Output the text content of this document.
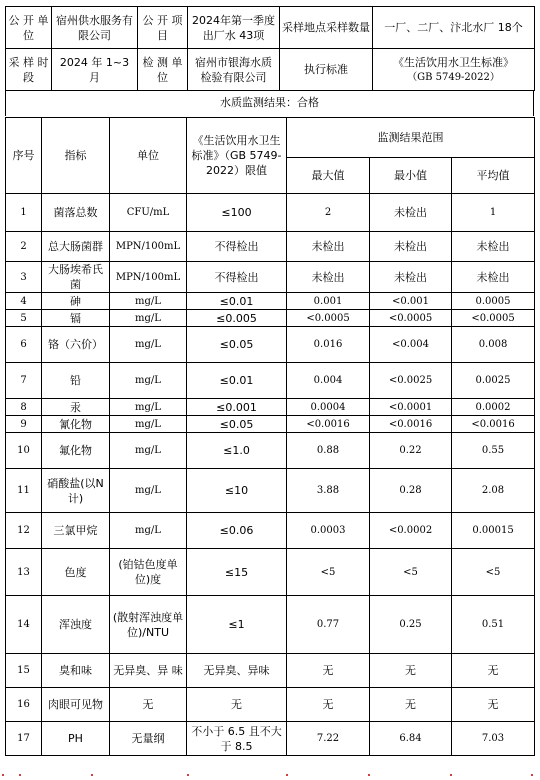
公 开 单 位	宿州供水服务有限公司	公 开 项 目	2024年第一季度出厂水 43项	采样地点采样数量	一厂、二厂、汴北水厂 18个
采 样 时 段	2024 年 1~3 月	检 测 单 位	宿州市银海水质检验有限公司	执行标准	《生活饮用水卫生标准》
（GB 5749-2022）
水质监测结果：合格
序号	指标	单位	《生活饮用水卫生标准》（GB 5749-2022）限值	监测结果范围		
				最大值	最小值	平均值
1	菌落总数	CFU/mL	≤100	2	未检出	1
2	总大肠菌群	MPN/100mL	不得检出	未检出	未检出	未检出
3	大肠埃希氏菌	MPN/100mL	不得检出	未检出	未检出	未检出
4	砷	mg/L	≤0.01	0.001	<0.001	0.0005
5	镉	mg/L	≤0.005	<0.0005	<0.0005	<0.0005
6	铬（六价）	mg/L	≤0.05	0.016	<0.004	0.008
7	铅	mg/L	≤0.01	0.004	<0.0025	0.0025
8	汞	mg/L	≤0.001	0.0004	<0.0001	0.0002
9	氰化物	mg/L	≤0.05	<0.0016	<0.0016	<0.0016
10	氟化物	mg/L	≤1.0	0.88	0.22	0.55
11	硝酸盐(以N计)	mg/L	≤10	3.88	0.28	2.08
12	三氯甲烷	mg/L	≤0.06	0.0003	<0.0002	0.00015
13	色度	(铂钴色度单位)度	≤15	<5	<5	<5
14	浑浊度	(散射浑浊度单位)/NTU	≤1	0.77	0.25	0.51
15	臭和味	无异臭、异 味	无异臭、异味	无	无	无
16	肉眼可见物	无	无	无	无	无
17	PH	无量纲	不小于 6.5 且不大于 8.5	7.22	6.84	7.03
